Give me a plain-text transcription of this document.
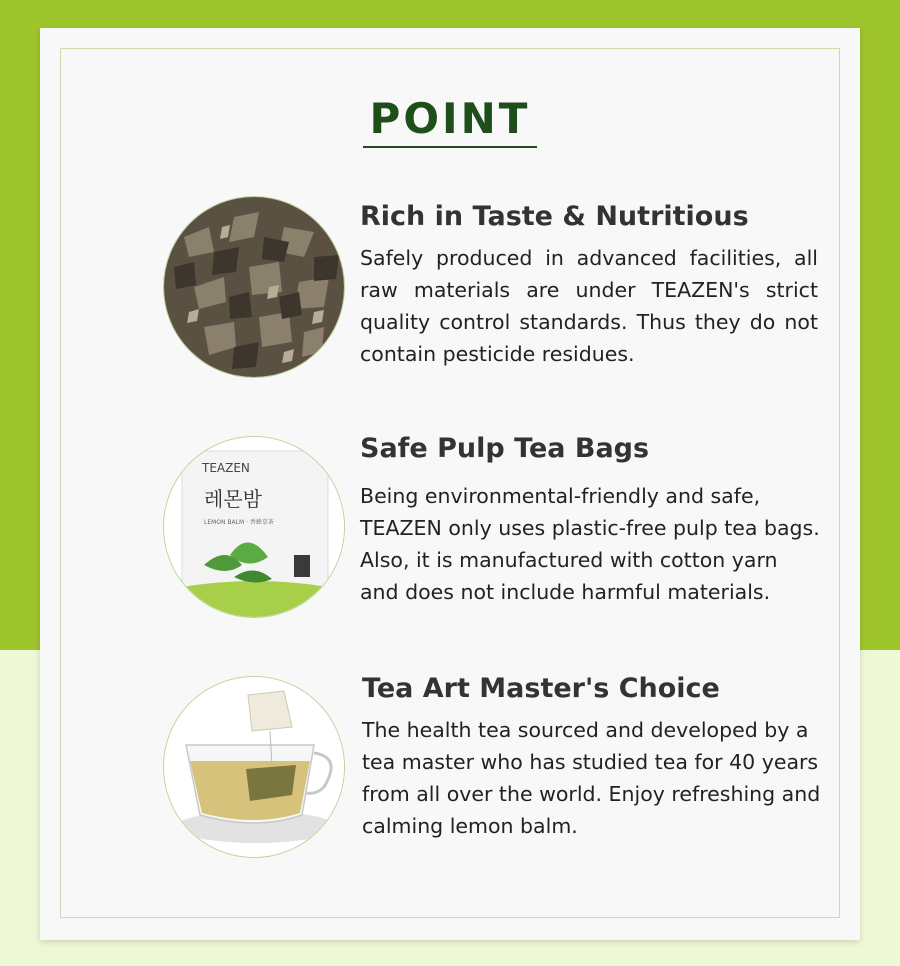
POINT
Rich in Taste & Nutritious
Safely produced in advanced facilities, all raw materials are under TEAZEN's strict quality control standards. Thus they do not contain pesticide residues.
TEAZEN
레몬밤
LEMON BALM · 香蜂草茶
Safe Pulp Tea Bags
Being environmental-friendly and safe, TEAZEN only uses plastic-free pulp tea bags. Also, it is manufactured with cotton yarn and does not include harmful materials.
Tea Art Master's Choice
The health tea sourced and developed by a tea master who has studied tea for 40 years from all over the world. Enjoy refreshing and calming lemon balm.
